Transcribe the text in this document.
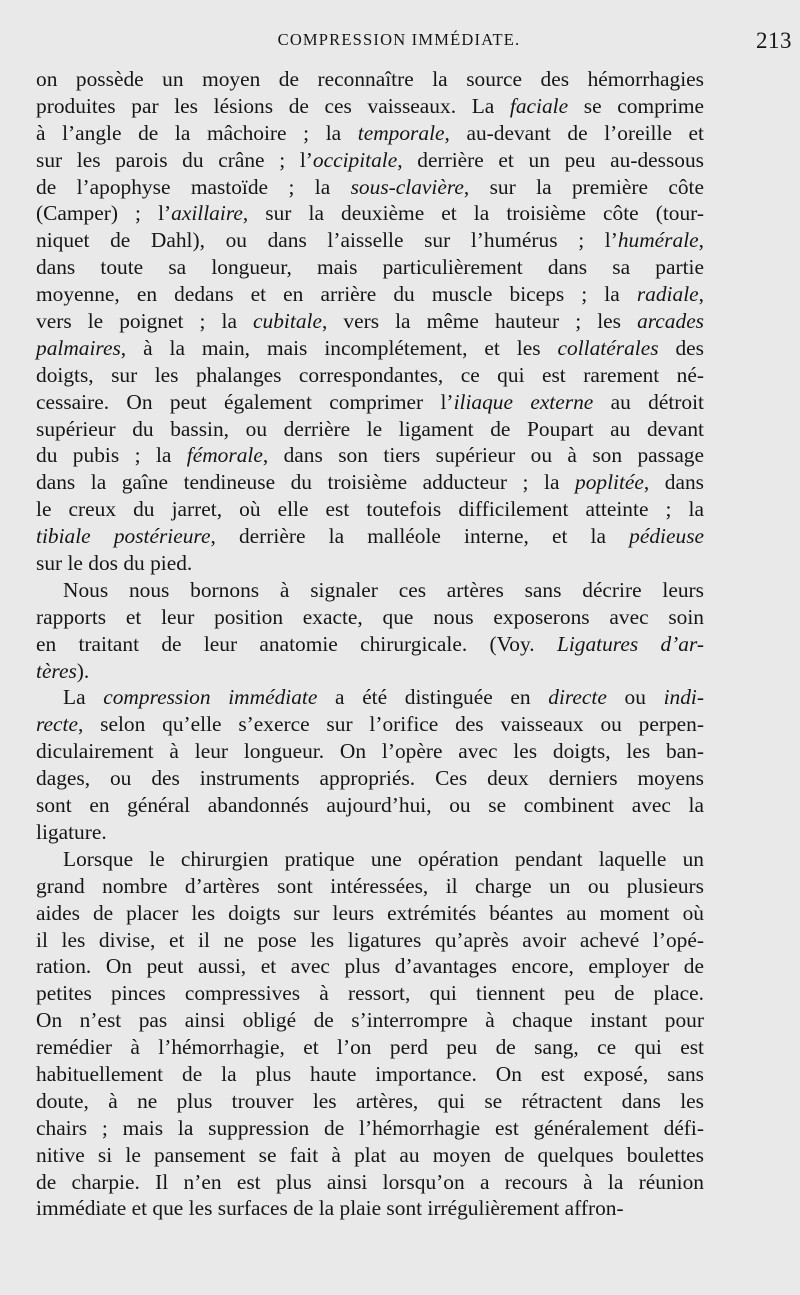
COMPRESSION IMMÉDIATE.	213
on possède un moyen de reconnaître la source des hémorrhagies
produites par les lésions de ces vaisseaux. La faciale se comprime
à l’angle de la mâchoire ; la temporale, au-devant de l’oreille et
sur les parois du crâne ; l’occipitale, derrière et un peu au-dessous
de l’apophyse mastoïde ; la sous-clavière, sur la première côte
(Camper) ; l’axillaire, sur la deuxième et la troisième côte (tour-
niquet de Dahl), ou dans l’aisselle sur l’humérus ; l’humérale,
dans toute sa longueur, mais particulièrement dans sa partie
moyenne, en dedans et en arrière du muscle biceps ; la radiale,
vers le poignet ; la cubitale, vers la même hauteur ; les arcades
palmaires, à la main, mais incomplétement, et les collatérales des
doigts, sur les phalanges correspondantes, ce qui est rarement né-
cessaire. On peut également comprimer l’iliaque externe au détroit
supérieur du bassin, ou derrière le ligament de Poupart au devant
du pubis ; la fémorale, dans son tiers supérieur ou à son passage
dans la gaîne tendineuse du troisième adducteur ; la poplitée, dans
le creux du jarret, où elle est toutefois difficilement atteinte ; la
tibiale postérieure, derrière la malléole interne, et la pédieuse
sur le dos du pied.
Nous nous bornons à signaler ces artères sans décrire leurs
rapports et leur position exacte, que nous exposerons avec soin
en traitant de leur anatomie chirurgicale. (Voy. Ligatures d’ar-
tères).
La compression immédiate a été distinguée en directe ou indi-
recte, selon qu’elle s’exerce sur l’orifice des vaisseaux ou perpen-
diculairement à leur longueur. On l’opère avec les doigts, les ban-
dages, ou des instruments appropriés. Ces deux derniers moyens
sont en général abandonnés aujourd’hui, ou se combinent avec la
ligature.
Lorsque le chirurgien pratique une opération pendant laquelle un
grand nombre d’artères sont intéressées, il charge un ou plusieurs
aides de placer les doigts sur leurs extrémités béantes au moment où
il les divise, et il ne pose les ligatures qu’après avoir achevé l’opé-
ration. On peut aussi, et avec plus d’avantages encore, employer de
petites pinces compressives à ressort, qui tiennent peu de place.
On n’est pas ainsi obligé de s’interrompre à chaque instant pour
remédier à l’hémorrhagie, et l’on perd peu de sang, ce qui est
habituellement de la plus haute importance. On est exposé, sans
doute, à ne plus trouver les artères, qui se rétractent dans les
chairs ; mais la suppression de l’hémorrhagie est généralement défi-
nitive si le pansement se fait à plat au moyen de quelques boulettes
de charpie. Il n’en est plus ainsi lorsqu’on a recours à la réunion
immédiate et que les surfaces de la plaie sont irrégulièrement affron-
